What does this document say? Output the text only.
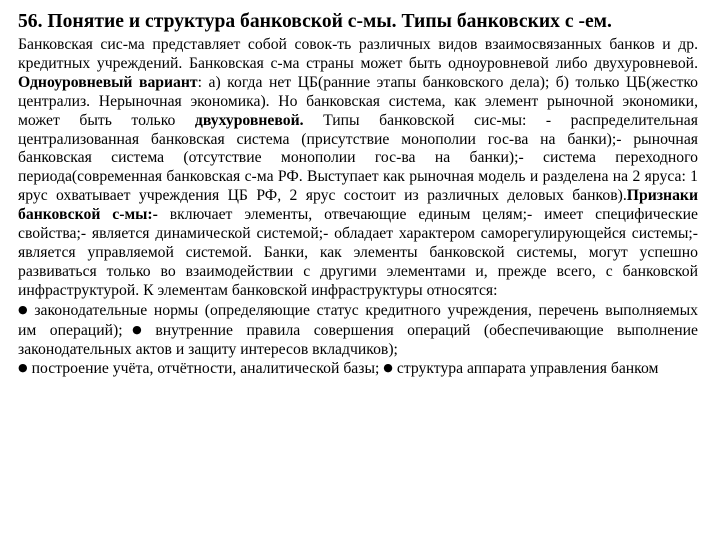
56. Понятие и структура банковской с-мы. Типы банковских с -ем.

Банковская сис-ма представляет собой совок-ть различных видов взаимосвязанных банков и др. кредитных учреждений. Банковская с-ма страны может быть одноуровневой либо двухуровневой. Одноуровневый вариант: а) когда нет ЦБ(ранние этапы банковского дела); б) только ЦБ(жестко централиз. Нерыночная экономика). Но банковская система, как элемент рыночной экономики, может быть только двухуровневой. Типы банковской сис-мы: - распределительная централизованная банковская система (присутствие монополии гос-ва на банки);- рыночная банковская система (отсутствие монополии гос-ва на банки);- система переходного периода(современная банковская с-ма РФ. Выступает как рыночная модель и разделена на 2 яруса: 1 ярус охватывает учреждения ЦБ РФ, 2 ярус состоит из различных деловых банков).Признаки банковской с-мы:- включает элементы, отвечающие единым целям;- имеет специфические свойства;- является динамической системой;- обладает характером саморегулирующейся системы;- является управляемой системой. Банки, как элементы банковской системы, могут успешно развиваться только во взаимодействии с другими элементами и, прежде всего, с банковской инфраструктурой. К элементам банковской инфраструктуры относятся:
● законодательные нормы (определяющие статус кредитного учреждения, перечень выполняемых им операций);● внутренние правила совершения операций (обеспечивающие выполнение законодательных актов и защиту интересов вкладчиков);
● построение учёта, отчётности, аналитической базы; ● структура аппарата управления банком
